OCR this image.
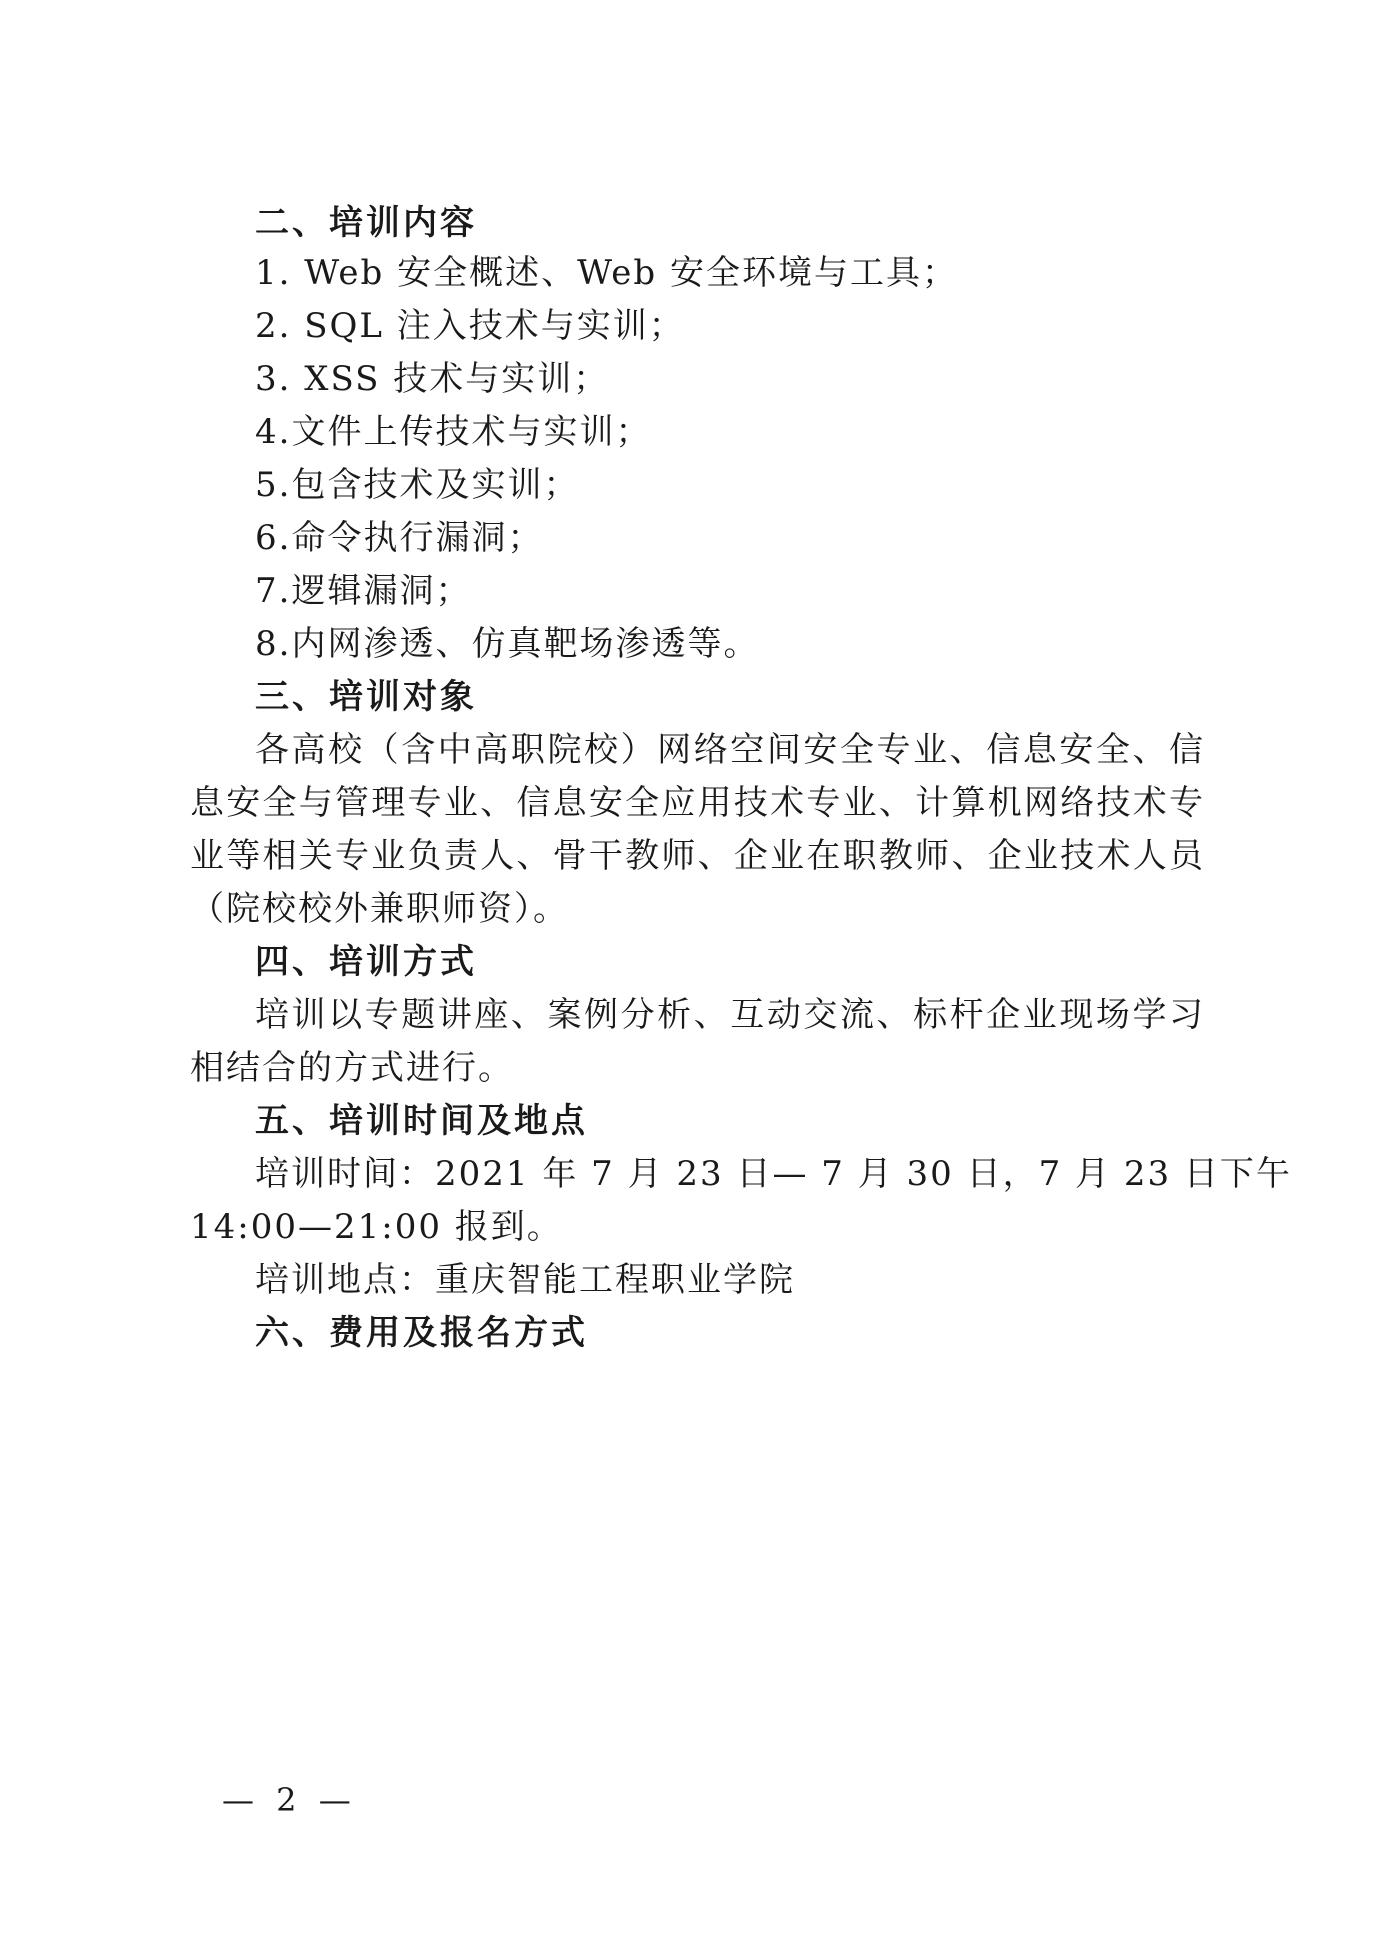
二、培训内容
1. Web 安全概述、Web 安全环境与工具；
2. SQL 注入技术与实训；
3. XSS 技术与实训；
4.文件上传技术与实训；
5.包含技术及实训；
6.命令执行漏洞；
7.逻辑漏洞；
8.内网渗透、仿真靶场渗透等。
三、培训对象
各高校（含中高职院校）网络空间安全专业、信息安全、信
息安全与管理专业、信息安全应用技术专业、计算机网络技术专
业等相关专业负责人、骨干教师、企业在职教师、企业技术人员
（院校校外兼职师资）。
四、培训方式
培训以专题讲座、案例分析、互动交流、标杆企业现场学习
相结合的方式进行。
五、培训时间及地点
培训时间：2021 年 7 月 23 日— 7 月 30 日，7 月 23 日下午
14:00—21:00 报到。
培训地点：重庆智能工程职业学院
六、费用及报名方式
— 2 —
